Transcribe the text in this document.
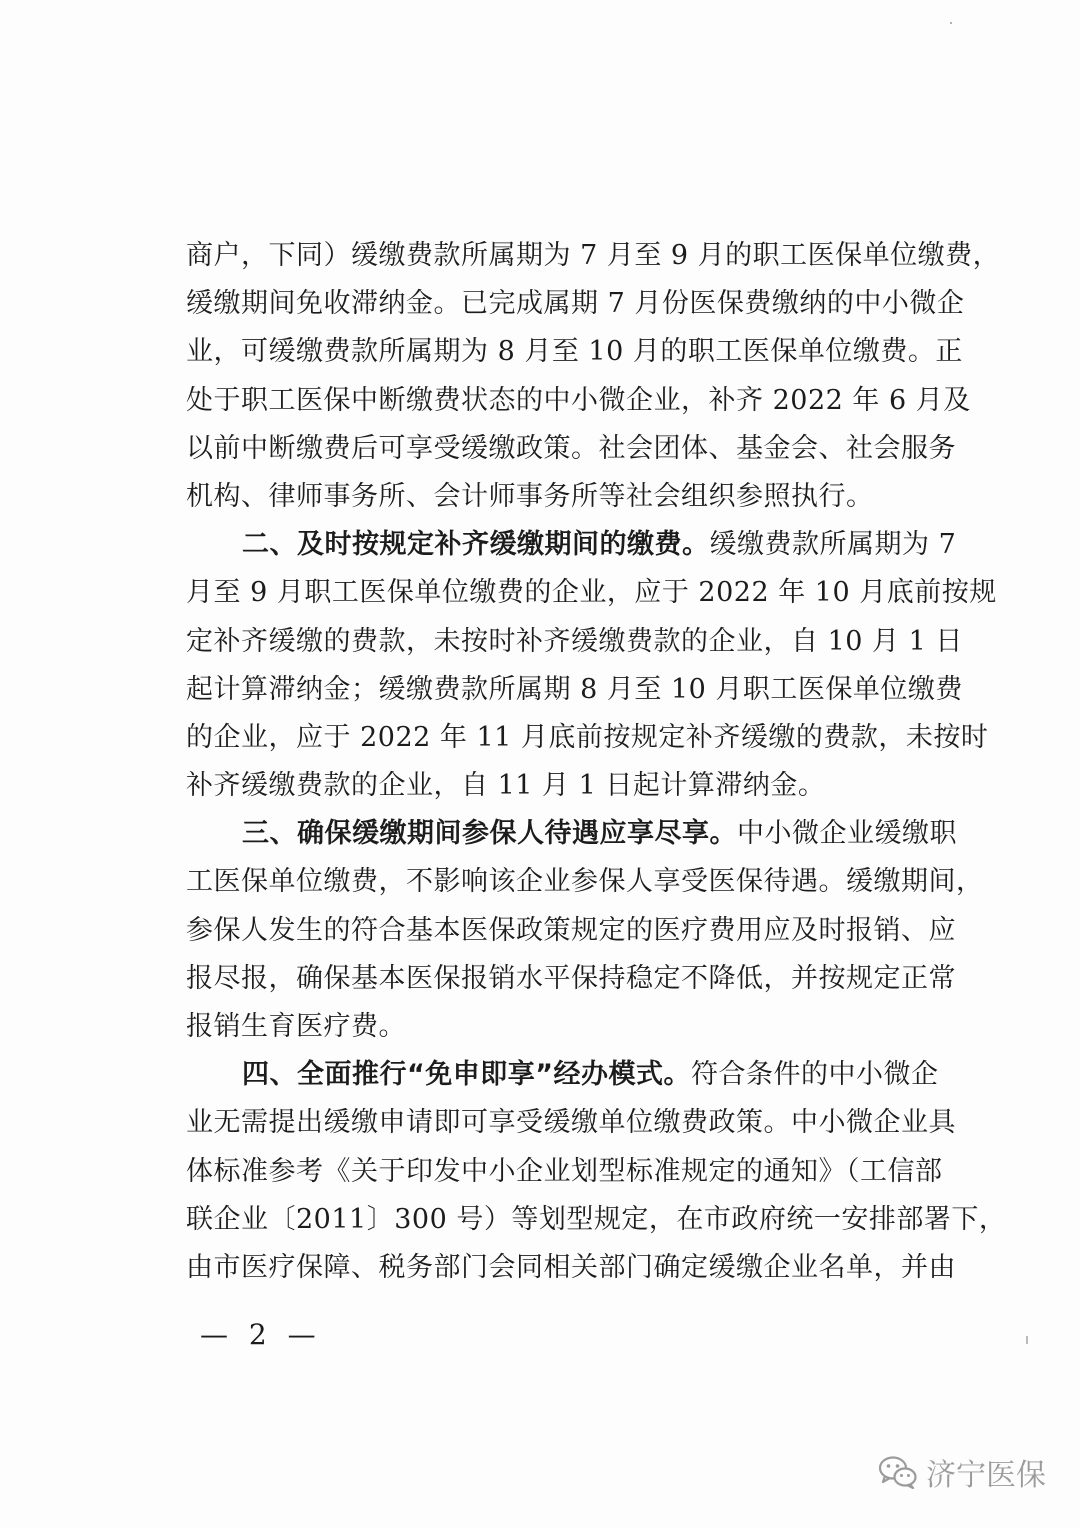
商户，下同）缓缴费款所属期为 7 月至 9 月的职工医保单位缴费，
缓缴期间免收滞纳金。已完成属期 7 月份医保费缴纳的中小微企
业，可缓缴费款所属期为 8 月至 10 月的职工医保单位缴费。正
处于职工医保中断缴费状态的中小微企业，补齐 2022 年 6 月及
以前中断缴费后可享受缓缴政策。社会团体、基金会、社会服务
机构、律师事务所、会计师事务所等社会组织参照执行。
二、及时按规定补齐缓缴期间的缴费。缓缴费款所属期为 7
月至 9 月职工医保单位缴费的企业，应于 2022 年 10 月底前按规
定补齐缓缴的费款，未按时补齐缓缴费款的企业，自 10 月 1 日
起计算滞纳金；缓缴费款所属期 8 月至 10 月职工医保单位缴费
的企业，应于 2022 年 11 月底前按规定补齐缓缴的费款，未按时
补齐缓缴费款的企业，自 11 月 1 日起计算滞纳金。
三、确保缓缴期间参保人待遇应享尽享。中小微企业缓缴职
工医保单位缴费，不影响该企业参保人享受医保待遇。缓缴期间，
参保人发生的符合基本医保政策规定的医疗费用应及时报销、应
报尽报，确保基本医保报销水平保持稳定不降低，并按规定正常
报销生育医疗费。
四、全面推行“免申即享”经办模式。符合条件的中小微企
业无需提出缓缴申请即可享受缓缴单位缴费政策。中小微企业具
体标准参考《关于印发中小企业划型标准规定的通知》（工信部
联企业〔2011〕300 号）等划型规定，在市政府统一安排部署下，
由市医疗保障、税务部门会同相关部门确定缓缴企业名单，并由
— 2 —
济宁医保
